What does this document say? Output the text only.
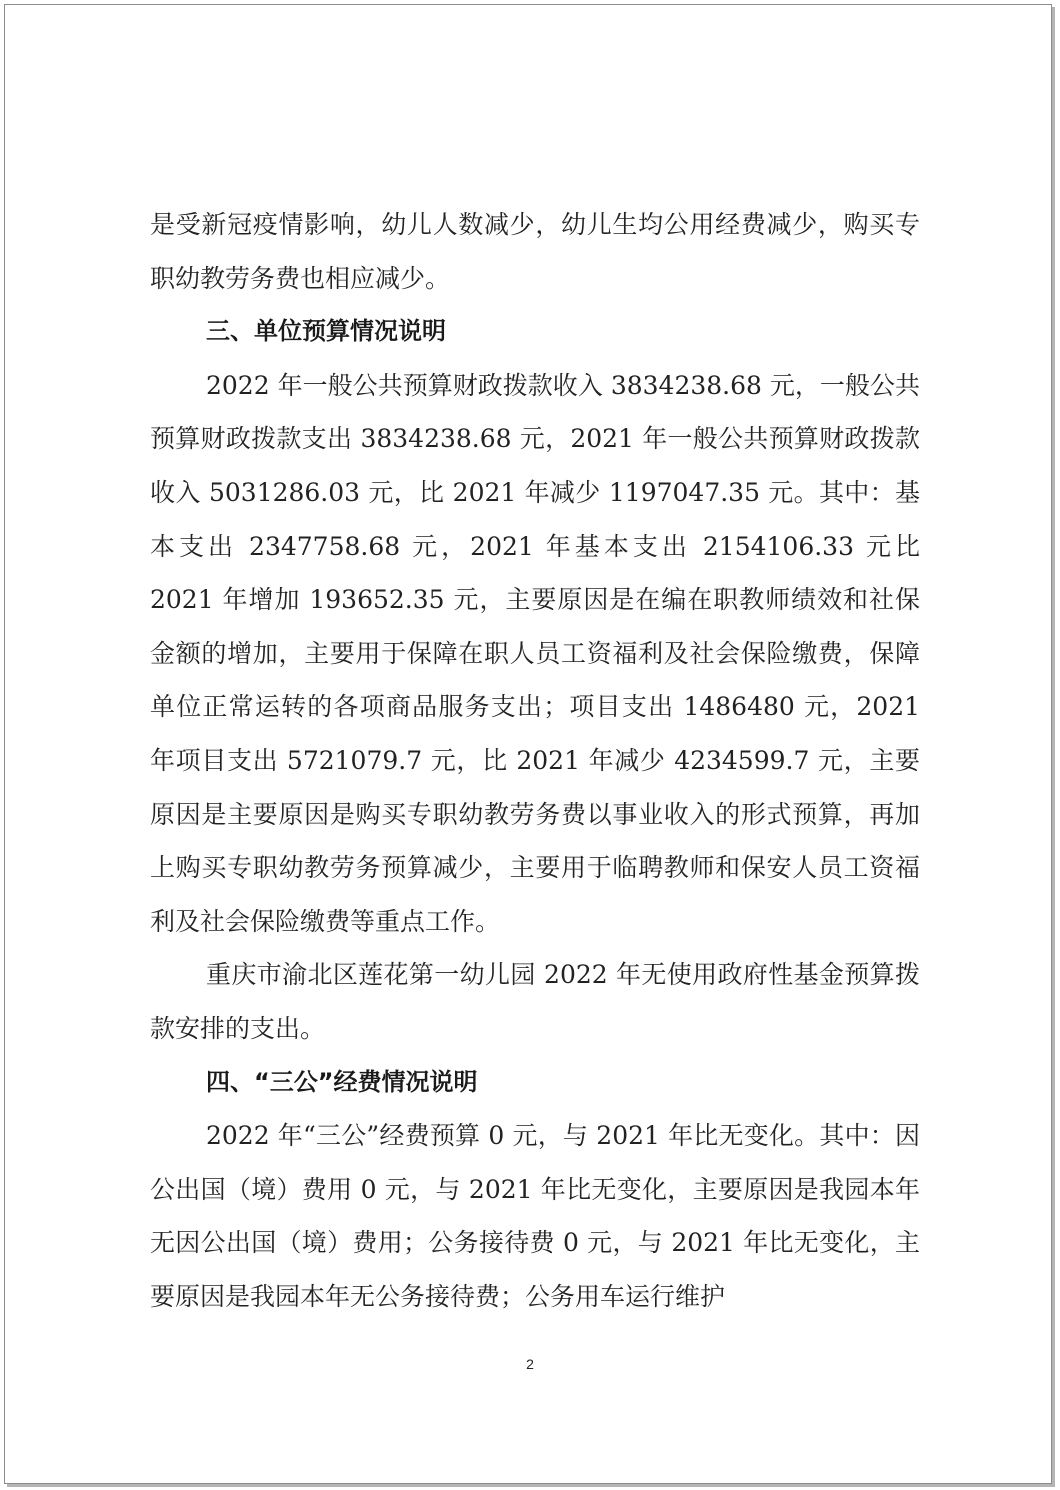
是受新冠疫情影响，幼儿人数减少，幼儿生均公用经费减少，购买专职幼教劳务费也相应减少。

三、单位预算情况说明

2022 年一般公共预算财政拨款收入 3834238.68 元，一般公共预算财政拨款支出 3834238.68 元，2021 年一般公共预算财政拨款收入 5031286.03 元，比 2021 年减少 1197047.35 元。其中：基本支出 2347758.68 元，2021 年基本支出 2154106.33 元比 2021 年增加 193652.35 元，主要原因是在编在职教师绩效和社保金额的增加，主要用于保障在职人员工资福利及社会保险缴费，保障单位正常运转的各项商品服务支出；项目支出 1486480 元，2021 年项目支出 5721079.7 元，比 2021 年减少 4234599.7 元，主要原因是主要原因是购买专职幼教劳务费以事业收入的形式预算，再加上购买专职幼教劳务预算减少，主要用于临聘教师和保安人员工资福利及社会保险缴费等重点工作。

重庆市渝北区莲花第一幼儿园 2022 年无使用政府性基金预算拨款安排的支出。

四、“三公”经费情况说明

2022 年“三公”经费预算 0 元，与 2021 年比无变化。其中：因公出国（境）费用 0 元，与 2021 年比无变化，主要原因是我园本年无因公出国（境）费用；公务接待费 0 元，与 2021 年比无变化，主要原因是我园本年无公务接待费；公务用车运行维护

2
